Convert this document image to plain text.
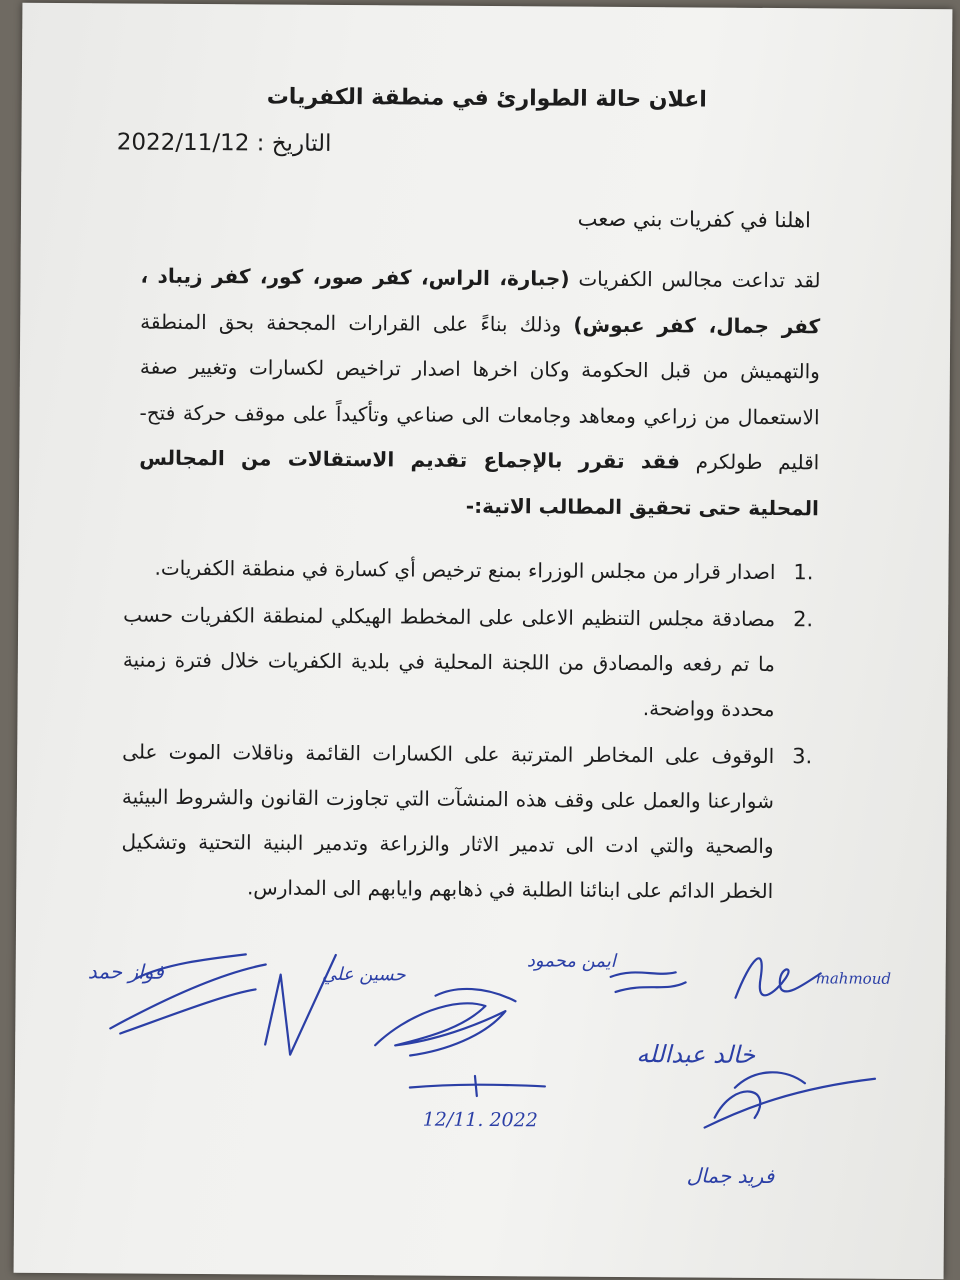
اعلان حالة الطوارئ في منطقة الكفريات
التاريخ : 2022/11/12
اهلنا في كفريات بني صعب

لقد تداعت مجالس الكفريات (جبارة، الراس، كفر صور، كور، كفر زيباد ، كفر جمال، كفر عبوش) وذلك بناءً على القرارات المجحفة بحق المنطقة والتهميش من قبل الحكومة وكان اخرها اصدار تراخيص لكسارات وتغيير صفة الاستعمال من زراعي ومعاهد وجامعات الى صناعي وتأكيداً على موقف حركة فتح-اقليم طولكرم فقد تقرر بالإجماع تقديم الاستقالات من المجالس المحلية حتى تحقيق المطالب الاتية:-

1.
اصدار قرار من مجلس الوزراء بمنع ترخيص أي كسارة في منطقة الكفريات.
2.
مصادقة مجلس التنظيم الاعلى على المخطط الهيكلي لمنطقة الكفريات حسب ما تم رفعه والمصادق من اللجنة المحلية في بلدية الكفريات خلال فترة زمنية محددة وواضحة.
3.
الوقوف على المخاطر المترتبة على الكسارات القائمة وناقلات الموت على شوارعنا والعمل على وقف هذه المنشآت التي تجاوزت القانون والشروط البيئية والصحية والتي ادت الى تدمير الاثار والزراعة وتدمير البنية التحتية وتشكيل الخطر الدائم على ابنائنا الطلبة في ذهابهم وايابهم الى المدارس.
فواز حمد	حسين علي
ايمن محمود
mahmoud
خالد عبدالله
فريد جمال
12/11. 2022
